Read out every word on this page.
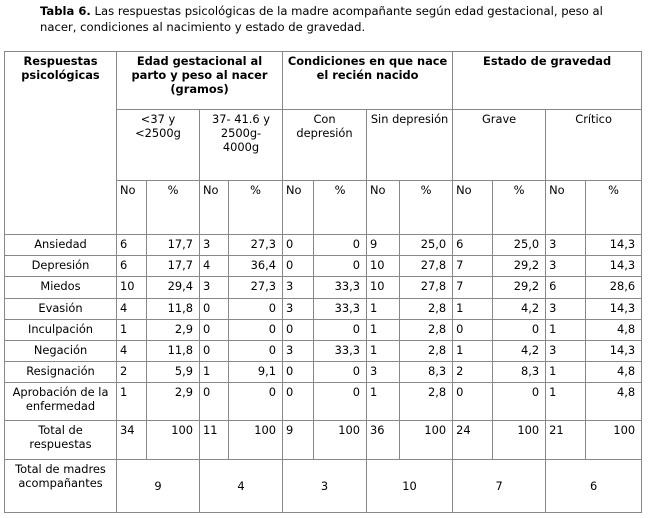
Tabla 6. Las respuestas psicológicas de la madre acompañante según edad gestacional, peso al nacer, condiciones al nacimiento y estado de gravedad.
Respuestas psicológicas	Edad gestacional al parto y peso al nacer (gramos)				Condiciones en que nace el recién nacido				Estado de gravedad			
	<37 y <2500g		37- 41.6 y 2500g-4000g		Con depresión		Sin depresión		Grave		Crítico	
	No	%	No	%	No	%	No	%	No	%	No	%
Ansiedad	6	17,7	3	27,3	0	0	9	25,0	6	25,0	3	14,3
Depresión	6	17,7	4	36,4	0	0	10	27,8	7	29,2	3	14,3
Miedos	10	29,4	3	27,3	3	33,3	10	27,8	7	29,2	6	28,6
Evasión	4	11,8	0	0	3	33,3	1	2,8	1	4,2	3	14,3
Inculpación	1	2,9	0	0	0	0	1	2,8	0	0	1	4,8
Negación	4	11,8	0	0	3	33,3	1	2,8	1	4,2	3	14,3
Resignación	2	5,9	1	9,1	0	0	3	8,3	2	8,3	1	4,8
Aprobación de la enfermedad	1	2,9	0	0	0	0	1	2,8	0	0	1	4,8
Total de respuestas	34	100	11	100	9	100	36	100	24	100	21	100
Total de madres acompañantes	9		4		3		10		7		6	
